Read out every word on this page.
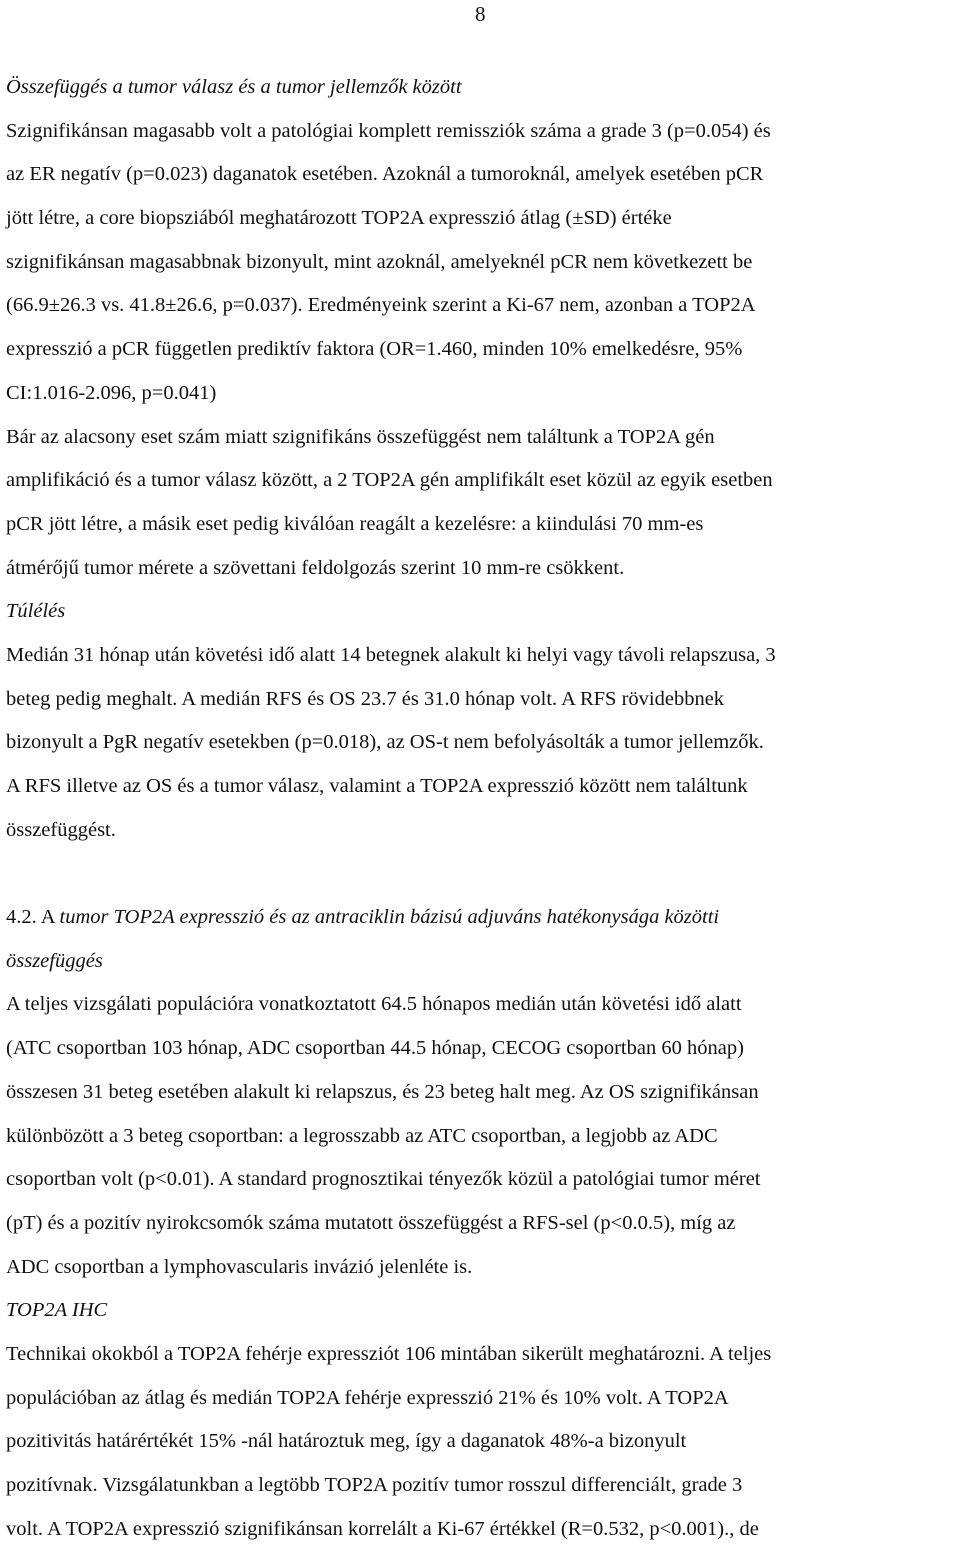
8
Összefüggés a tumor válasz és a tumor jellemzők között
Szignifikánsan magasabb volt a patológiai komplett remissziók száma a grade 3 (p=0.054) és
az ER negatív (p=0.023) daganatok esetében. Azoknál a tumoroknál, amelyek esetében pCR
jött létre, a core biopsziából meghatározott TOP2A expresszió átlag (±SD) értéke
szignifikánsan magasabbnak bizonyult, mint azoknál, amelyeknél pCR nem következett be
(66.9±26.3 vs. 41.8±26.6, p=0.037). Eredményeink szerint a Ki-67 nem, azonban a TOP2A
expresszió a pCR független prediktív faktora (OR=1.460, minden 10% emelkedésre, 95%
CI:1.016-2.096, p=0.041)
Bár az alacsony eset szám miatt szignifikáns összefüggést nem találtunk a TOP2A gén
amplifikáció és a tumor válasz között, a 2 TOP2A gén amplifikált eset közül az egyik esetben
pCR jött létre, a másik eset pedig kiválóan reagált a kezelésre: a kiindulási 70 mm-es
átmérőjű tumor mérete a szövettani feldolgozás szerint 10 mm-re csökkent.
Túlélés
Medián 31 hónap után követési idő alatt 14 betegnek alakult ki helyi vagy távoli relapszusa, 3
beteg pedig meghalt. A medián RFS és OS 23.7 és 31.0 hónap volt. A RFS rövidebbnek
bizonyult a PgR negatív esetekben (p=0.018), az OS-t nem befolyásolták a tumor jellemzők.
A RFS illetve az OS és a tumor válasz, valamint a TOP2A expresszió között nem találtunk
összefüggést.
4.2. A tumor TOP2A expresszió és az antraciklin bázisú adjuváns hatékonysága közötti
összefüggés
A teljes vizsgálati populációra vonatkoztatott 64.5 hónapos medián után követési idő alatt
(ATC csoportban 103 hónap, ADC csoportban 44.5 hónap, CECOG csoportban 60 hónap)
összesen 31 beteg esetében alakult ki relapszus, és 23 beteg halt meg. Az OS szignifikánsan
különbözött a 3 beteg csoportban: a legrosszabb az ATC csoportban, a legjobb az ADC
csoportban volt (p<0.01). A standard prognosztikai tényezők közül a patológiai tumor méret
(pT) és a pozitív nyirokcsomók száma mutatott összefüggést a RFS-sel (p<0.0.5), míg az
ADC csoportban a lymphovascularis invázió jelenléte is.
TOP2A IHC
Technikai okokból a TOP2A fehérje expressziót 106 mintában sikerült meghatározni. A teljes
populációban az átlag és medián TOP2A fehérje expresszió 21% és 10% volt. A TOP2A
pozitivitás határértékét 15% -nál határoztuk meg, így a daganatok 48%-a bizonyult
pozitívnak. Vizsgálatunkban a legtöbb TOP2A pozitív tumor rosszul differenciált, grade 3
volt. A TOP2A expresszió szignifikánsan korrelált a Ki-67 értékkel (R=0.532, p<0.001)., de
